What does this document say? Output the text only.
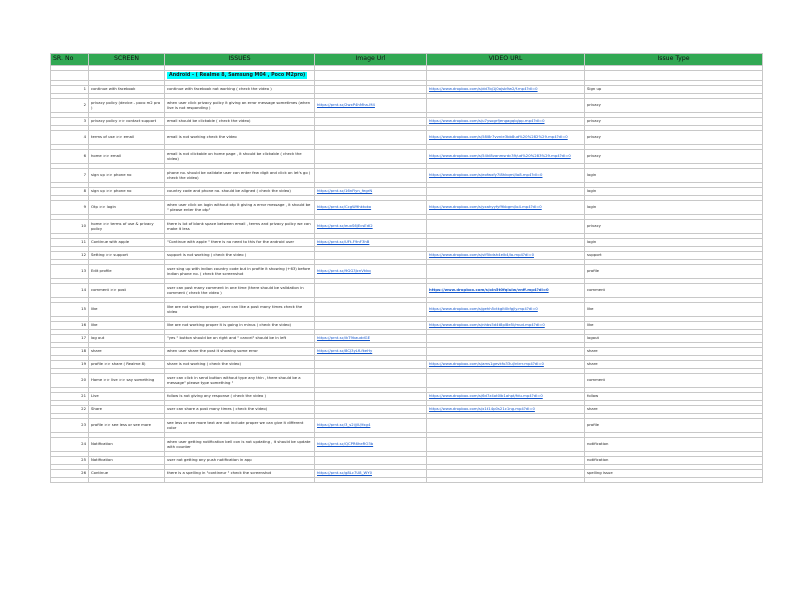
SR. No	SCREEN	ISSUES	Image Url	VIDEO URL	Issue Type

		Android - ( Realme 8, Samsung M04 , Poco M2pro)			

1	continue with facebook	continue with facebook not working ( check the video )		https://www.dropbox.com/s/dd7bj1j0ajsb9w2/f.mp4?dl=0	Sign up

2	privacy policy (device - poco m2 pro )	when user click privacy policy it giving an error message sometimes (when live is not responding )	https://prnt.sc/2wxP4hMha-M4		privacy

3	privacy policy >> contact support	email should be clickable ( check the video)		https://www.dropbox.com/s/u7ysogrfjengagqlq/pp.mp4?dl=0	privacy

4	terms of use >> email	email is not working check the video		https://www.dropbox.com/s/58l8r7vvnie3bb8ud%20%282%29.mp4?dl=0	privacy

6	home >> email	email is not clickable on home page , it should be clickable ( check the video)		https://www.dropbox.com/s/54kl8vanmsrdc39/ud%20%283%29.mp4?dl=0	privacy

7	sign up >> phone no	phone no. should be validate user can enter few digit and click on let's go ( check the video)		https://www.dropbox.com/s/eofwxfy7l8hkqml/lo8.mp4?dl=0	login

8	sign up >> phone no	country code and phone no. should be aligned ( check the video)	https://prnt.sc/16nFiyn_fegrN		login

9	Otp >> login	when user click on login without otp it giving a error message , it should be " please enter the otp"	https://prnt.sc/CcgW9hktoko	https://www.dropbox.com/s/yxahyyfyf9kbgm/lo4.mp4?dl=0	login

10	home >> terms of use & privacy policy	there is lot of blank space between email , terms and privacy policy we can make it less	https://prnt.sc/euxS6jEcsEdI2		privacy

11	Continue with apple	"Continue with apple " there is no need to this for the android user	https://prnt.sc/UFt-F9nF3hB		login

12	Setting >> support	support is not working ( check the video )		https://www.dropbox.com/s/vlf5kdsh4elk4/lo.mp4?dl=0	support

13	Edit profile	user sing up with indian country code but in profile it showing (+63) before indian phone no. ( check the screenshot	https://prnt.sc/9GG3JcnVkkq		profile

14	comment >> post	user can post many comment in one time (there should be validation in comment ( check the video )		https://www.dropbox.com/s/oin5t0fqiuiw/vnff.mp4?dl=0	comment

15	like	like are not working proper , user can like a post many times check the video		https://www.dropbox.com/s/gehh5ctkglt0kfgjly.mp4?dl=0	like

16	like	like are not working proper it is going in minus ( check the video)		https://www.dropbox.com/s/nhbs5d4t8pl8e5l/mud.mp4?dl=0	like

17	log out	"yes " button should be on right and " cancel" should be in left	https://prnt.sc/ikT9kauddGE		logout

18	share	when user share the post it showing some error	https://prnt.sc/8CJ3yLfLfkeHy		share

19	profile >> share ( Realme 8)	share is not working ( check the video)		https://www.dropbox.com/s/ams1gevkfo33ul/ntrrr.mp4?dl=0	share

20	Home >> live >> say something	user can click in send button without type any thin , there should be a message" please type something "			comment

21	Live	follow is not giving any response ( check the video )		https://www.dropbox.com/s/6d7z4ot0lb1ahpt/fdu.mp4?dl=0	follow

22	Share	user can share a post many times ( check the video)		https://www.dropbox.com/s/x1t14p0s21c1ng.mp4?dl=0	share

23	profile >> see less or see more	see less or see more text are not include proper we can give it different color	https://prnt.sc/3_s2ijjlU/fxg4		profile

24	Notification	when user getting notification bell con is not updating , it should be update with counter	https://prnt.sc/QCPR6heRO3b		notification

25	Notification	user not getting any push notification in app			notification

26	Continue	there is a spelling in "contineur " check the screenshot	https://prnt.sc/g8Lc7U8_WY0		spelling issue
